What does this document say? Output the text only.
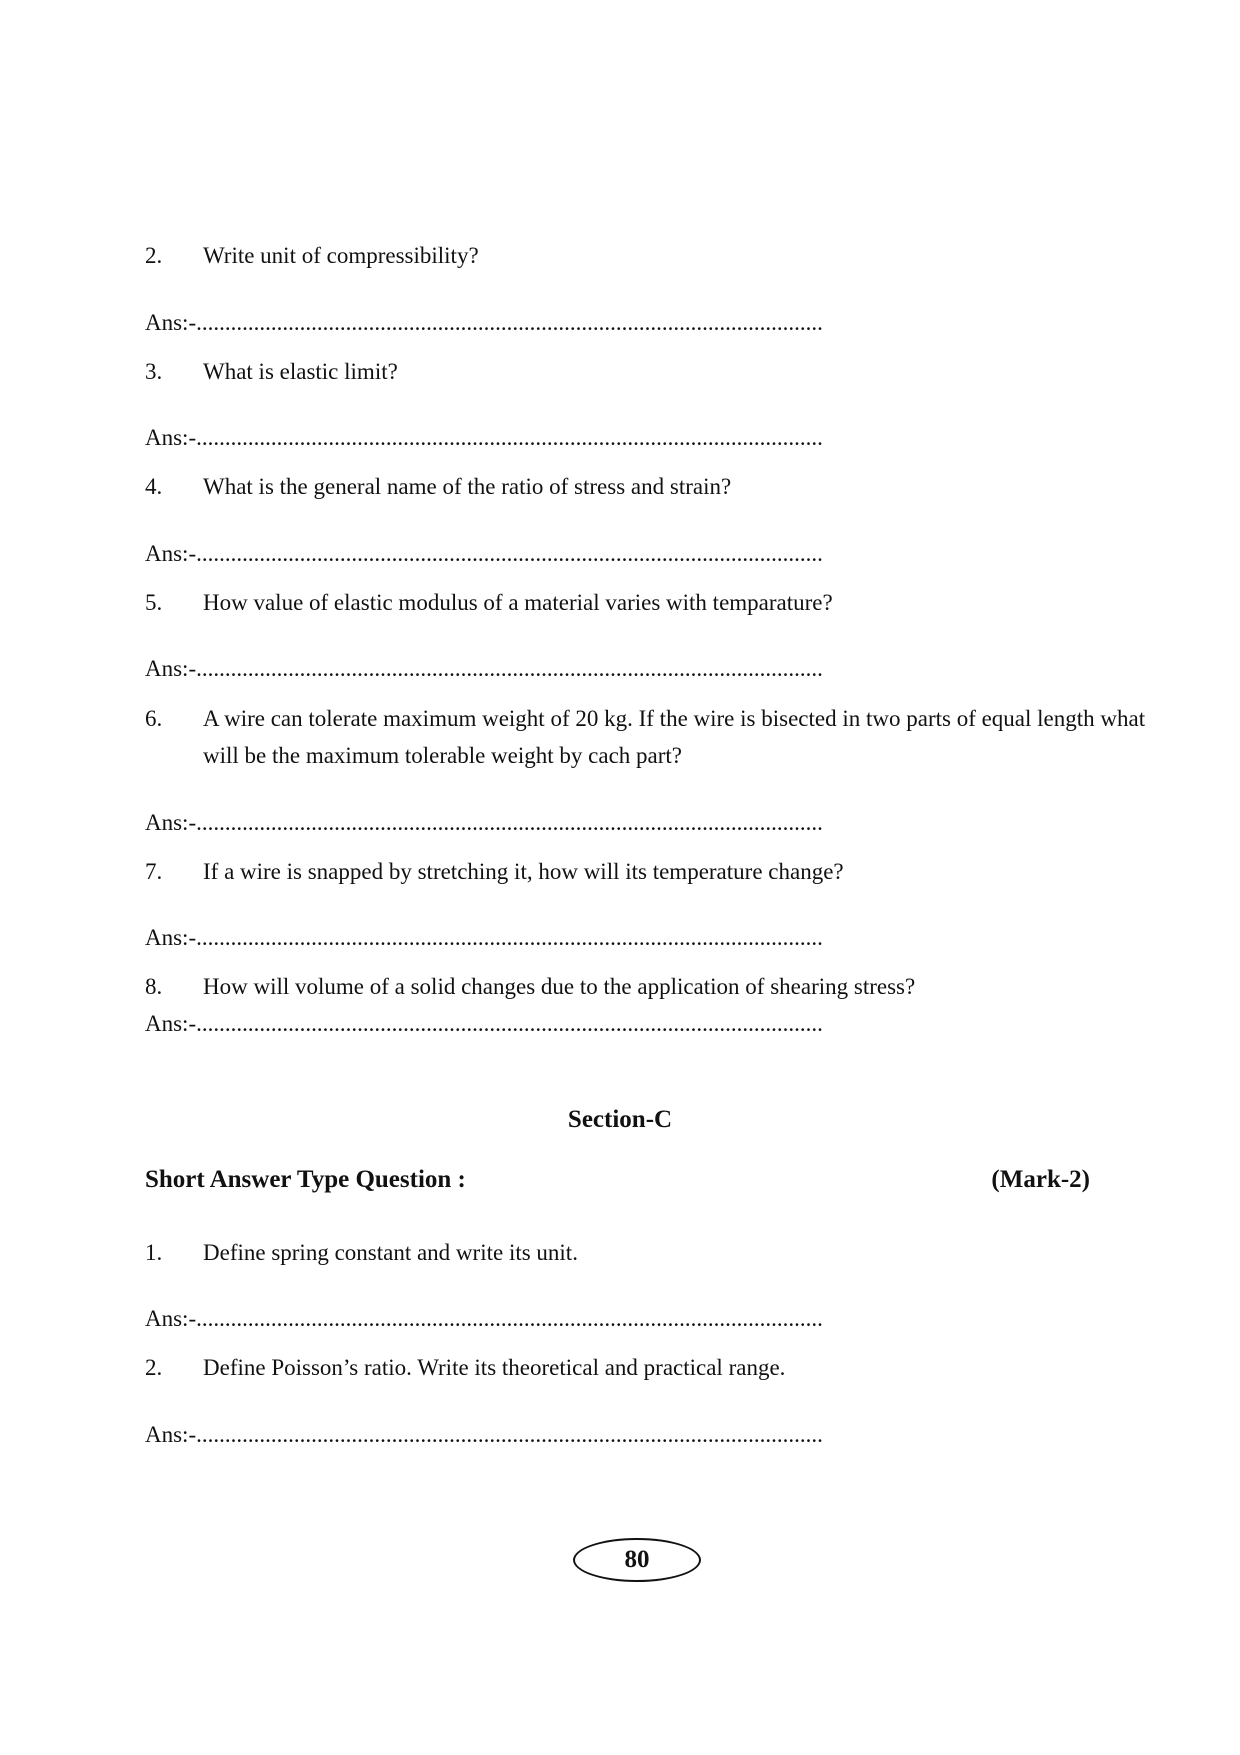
2. Write unit of compressibility?
Ans:-.............................................................................................................
3. What is elastic limit?
Ans:-.............................................................................................................
4. What is the general name of the ratio of stress and strain?
Ans:-.............................................................................................................
5. How value of elastic modulus of a material varies with temparature?
Ans:-.............................................................................................................
6. A wire can tolerate maximum weight of 20 kg. If the wire is bisected in two parts of equal length what
will be the maximum tolerable weight by cach part?
Ans:-.............................................................................................................
7. If a wire is snapped by stretching it, how will its temperature change?
Ans:-.............................................................................................................
8. How will volume of a solid changes due to the application of shearing stress?
Ans:-.............................................................................................................
Section-C
Short Answer Type Question :	(Mark-2)
1. Define spring constant and write its unit.
Ans:-.............................................................................................................
2. Define Poisson’s ratio. Write its theoretical and practical range.
Ans:-.............................................................................................................
80
